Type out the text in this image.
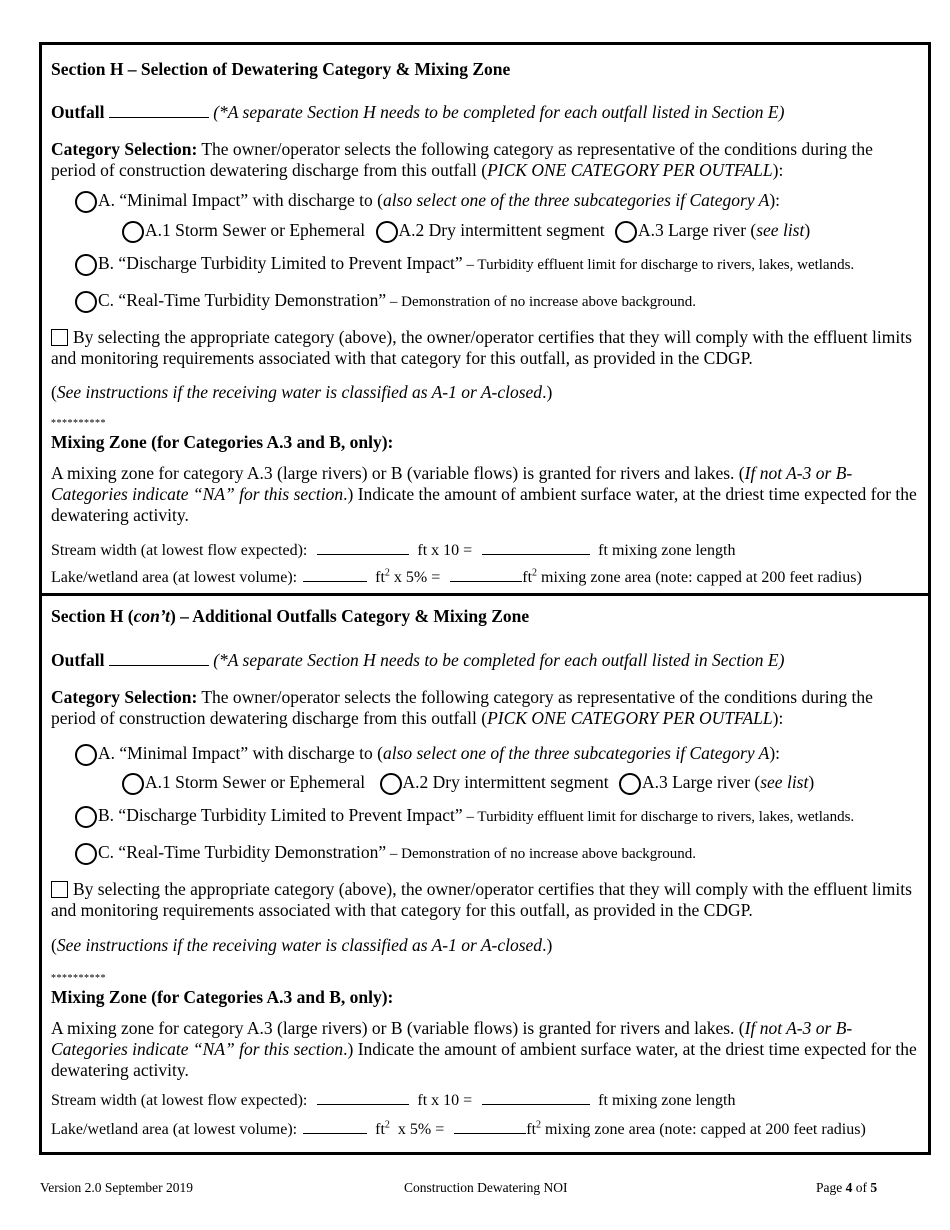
Section H – Selection of Dewatering Category & Mixing Zone
Outfall	(*A separate Section H needs to be completed for each outfall listed in Section E)
Category Selection: The owner/operator selects the following category as representative of the conditions during the period of construction dewatering discharge from this outfall (PICK ONE CATEGORY PER OUTFALL):
A. “Minimal Impact” with discharge to (also select one of the three subcategories if Category A):
A.1 Storm Sewer or Ephemeral A.2 Dry intermittent segment A.3 Large river (see list)
B. “Discharge Turbidity Limited to Prevent Impact” – Turbidity effluent limit for discharge to rivers, lakes, wetlands.
C. “Real-Time Turbidity Demonstration” – Demonstration of no increase above background.
By selecting the appropriate category (above), the owner/operator certifies that they will comply with the effluent limits and monitoring requirements associated with that category for this outfall, as provided in the CDGP.
(See instructions if the receiving water is classified as A-1 or A-closed.)
**********
Mixing Zone (for Categories A.3 and B, only):
A mixing zone for category A.3 (large rivers) or B (variable flows) is granted for rivers and lakes. (If not A-3 or B-Categories indicate “NA” for this section.) Indicate the amount of ambient surface water, at the driest time expected for the dewatering activity.
Stream width (at lowest flow expected):	ft x 10 =	ft mixing zone length
Lake/wetland area (at lowest volume):	$ft^2$ x 5% =	$ft^2$ mixing zone area (note: capped at 200 feet radius)
Section H (con’t) – Additional Outfalls Category & Mixing Zone
Outfall	(*A separate Section H needs to be completed for each outfall listed in Section E)
Category Selection: The owner/operator selects the following category as representative of the conditions during the period of construction dewatering discharge from this outfall (PICK ONE CATEGORY PER OUTFALL):
A. “Minimal Impact” with discharge to (also select one of the three subcategories if Category A):
A.1 Storm Sewer or Ephemeral A.2 Dry intermittent segment A.3 Large river (see list)
B. “Discharge Turbidity Limited to Prevent Impact” – Turbidity effluent limit for discharge to rivers, lakes, wetlands.
C. “Real-Time Turbidity Demonstration” – Demonstration of no increase above background.
By selecting the appropriate category (above), the owner/operator certifies that they will comply with the effluent limits and monitoring requirements associated with that category for this outfall, as provided in the CDGP.
(See instructions if the receiving water is classified as A-1 or A-closed.)
**********
Mixing Zone (for Categories A.3 and B, only):
A mixing zone for category A.3 (large rivers) or B (variable flows) is granted for rivers and lakes. (If not A-3 or B-Categories indicate “NA” for this section.) Indicate the amount of ambient surface water, at the driest time expected for the dewatering activity.
Stream width (at lowest flow expected):	ft x 10 =	ft mixing zone length
Lake/wetland area (at lowest volume):	$ft^2$ x 5% =	$ft^2$ mixing zone area (note: capped at 200 feet radius)
Version 2.0 September 2019	Construction Dewatering NOI	Page 4 of 5
